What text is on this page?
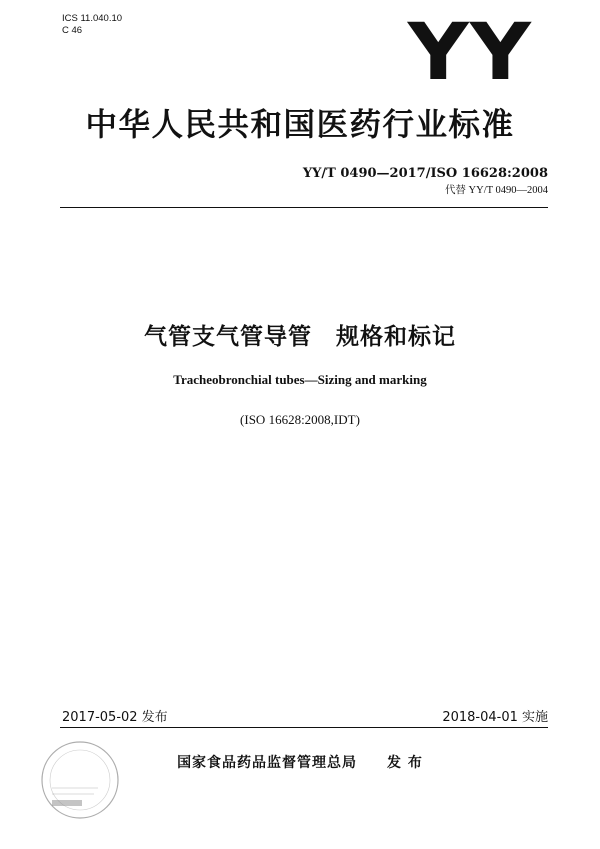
ICS 11.040.10
C 46	YY
中华人民共和国医药行业标准
YY/T 0490—2017/ISO 16628:2008
代替 YY/T 0490—2004
气管支气管导管　规格和标记
Tracheobronchial tubes—Sizing and marking
(ISO 16628:2008,IDT)
2017-05-02 发布	2018-04-01 实施
国家食品药品监督管理总局　　发 布
